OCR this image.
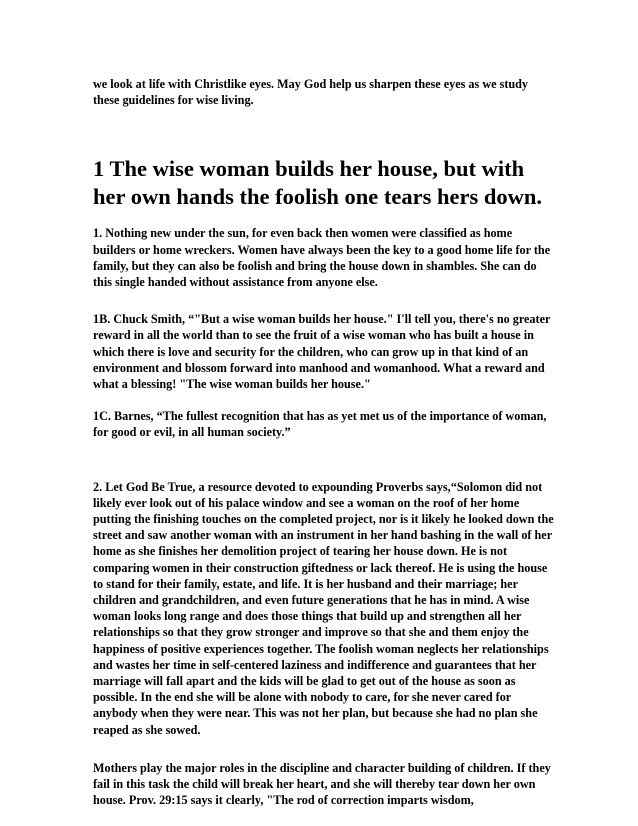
we look at life with Christlike eyes. May God help us sharpen these eyes as we study these guidelines for wise living.

1 The wise woman builds her house, but with her own hands the foolish one tears hers down.

1. Nothing new under the sun, for even back then women were classified as home builders or home wreckers. Women have always been the key to a good home life for the family, but they can also be foolish and bring the house down in shambles. She can do this single handed without assistance from anyone else.

1B. Chuck Smith, “"But a wise woman builds her house." I'll tell you, there's no greater reward in all the world than to see the fruit of a wise woman who has built a house in which there is love and security for the children, who can grow up in that kind of an environment and blossom forward into manhood and womanhood. What a reward and what a blessing! "The wise woman builds her house."

1C. Barnes, “The fullest recognition that has as yet met us of the importance of woman, for good or evil, in all human society.”

2. Let God Be True, a resource devoted to expounding Proverbs says,“Solomon did not likely ever look out of his palace window and see a woman on the roof of her home putting the finishing touches on the completed project, nor is it likely he looked down the street and saw another woman with an instrument in her hand bashing in the wall of her home as she finishes her demolition project of tearing her house down. He is not comparing women in their construction giftedness or lack thereof. He is using the house to stand for their family, estate, and life. It is her husband and their marriage; her children and grandchildren, and even future generations that he has in mind. A wise woman looks long range and does those things that build up and strengthen all her relationships so that they grow stronger and improve so that she and them enjoy the happiness of positive experiences together. The foolish woman neglects her relationships and wastes her time in self-centered laziness and indifference and guarantees that her marriage will fall apart and the kids will be glad to get out of the house as soon as possible. In the end she will be alone with nobody to care, for she never cared for anybody when they were near. This was not her plan, but because she had no plan she reaped as she sowed.

Mothers play the major roles in the discipline and character building of children. If they fail in this task the child will break her heart, and she will thereby tear down her own house. Prov. 29:15 says it clearly, "The rod of correction imparts wisdom,
